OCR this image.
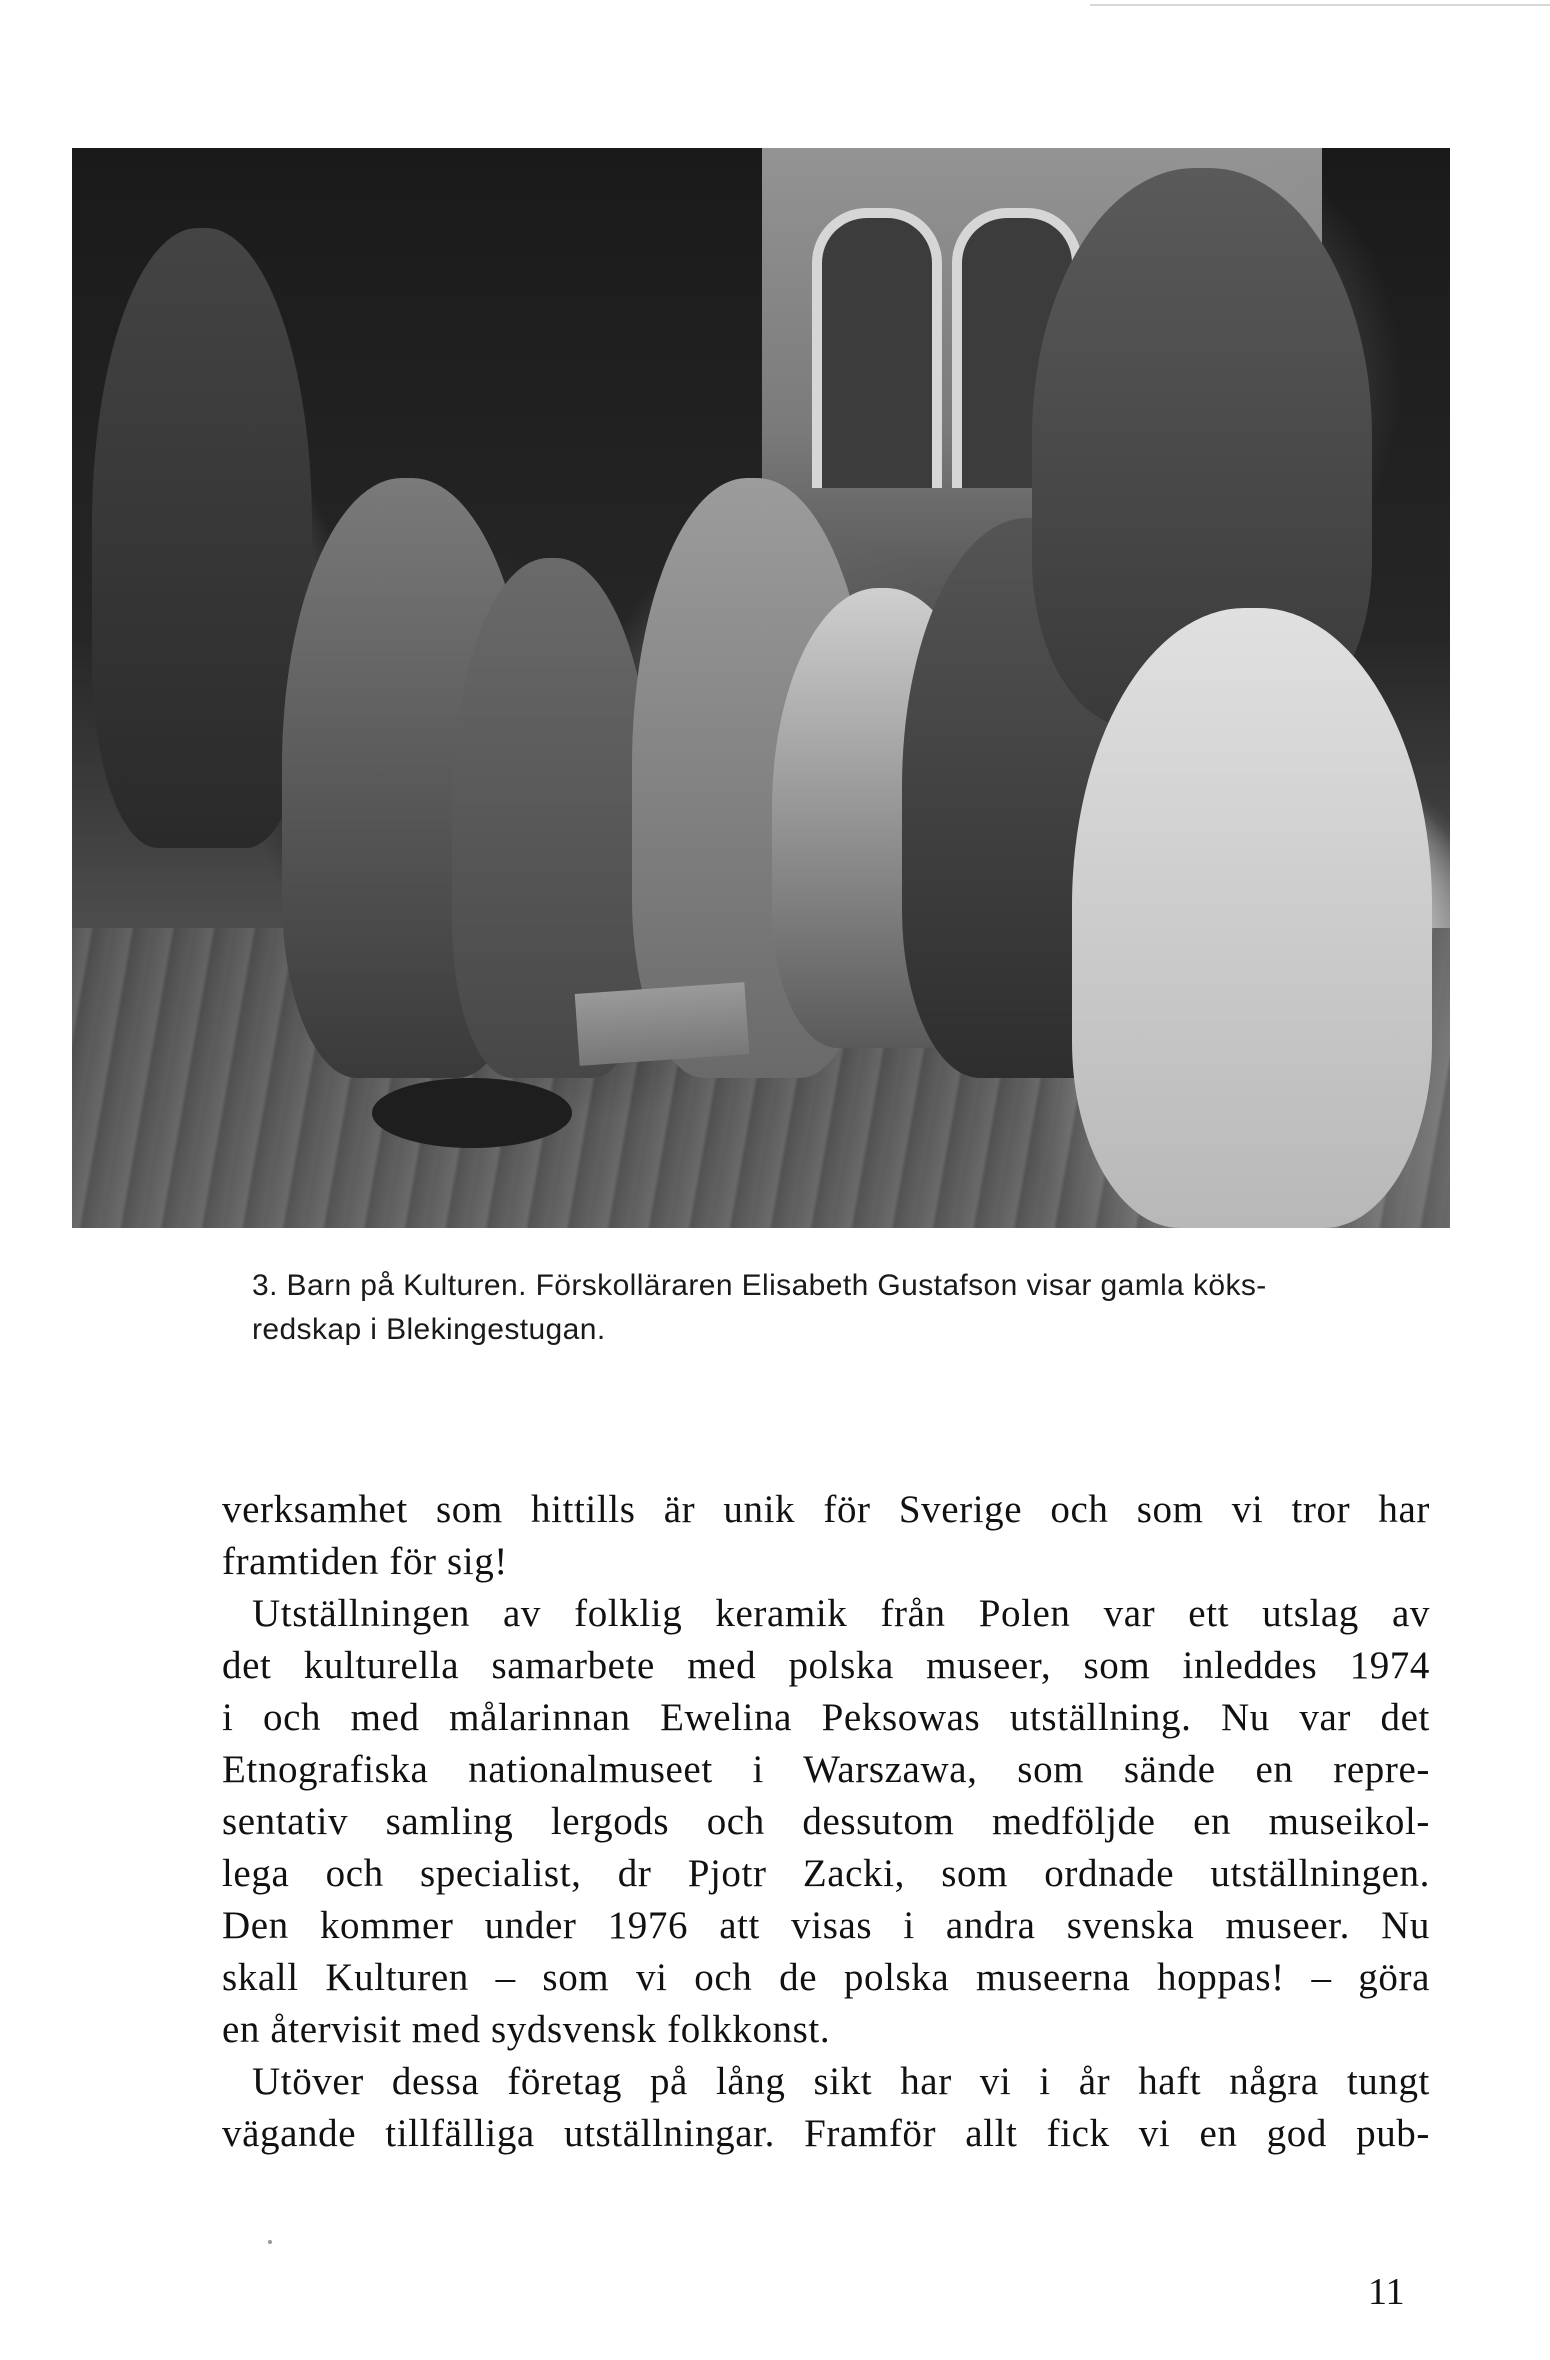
3. Barn på Kulturen. Förskolläraren Elisabeth Gustafson visar gamla köks-
redskap i Blekingestugan.
verksamhet som hittills är unik för Sverige och som vi tror har
framtiden för sig!
Utställningen av folklig keramik från Polen var ett utslag av
det kulturella samarbete med polska museer, som inleddes 1974
i och med målarinnan Ewelina Peksowas utställning. Nu var det
Etnografiska nationalmuseet i Warszawa, som sände en repre-
sentativ samling lergods och dessutom medföljde en museikol-
lega och specialist, dr Pjotr Zacki, som ordnade utställningen.
Den kommer under 1976 att visas i andra svenska museer. Nu
skall Kulturen – som vi och de polska museerna hoppas! – göra
en återvisit med sydsvensk folkkonst.
Utöver dessa företag på lång sikt har vi i år haft några tungt
vägande tillfälliga utställningar. Framför allt fick vi en god pub-
11
